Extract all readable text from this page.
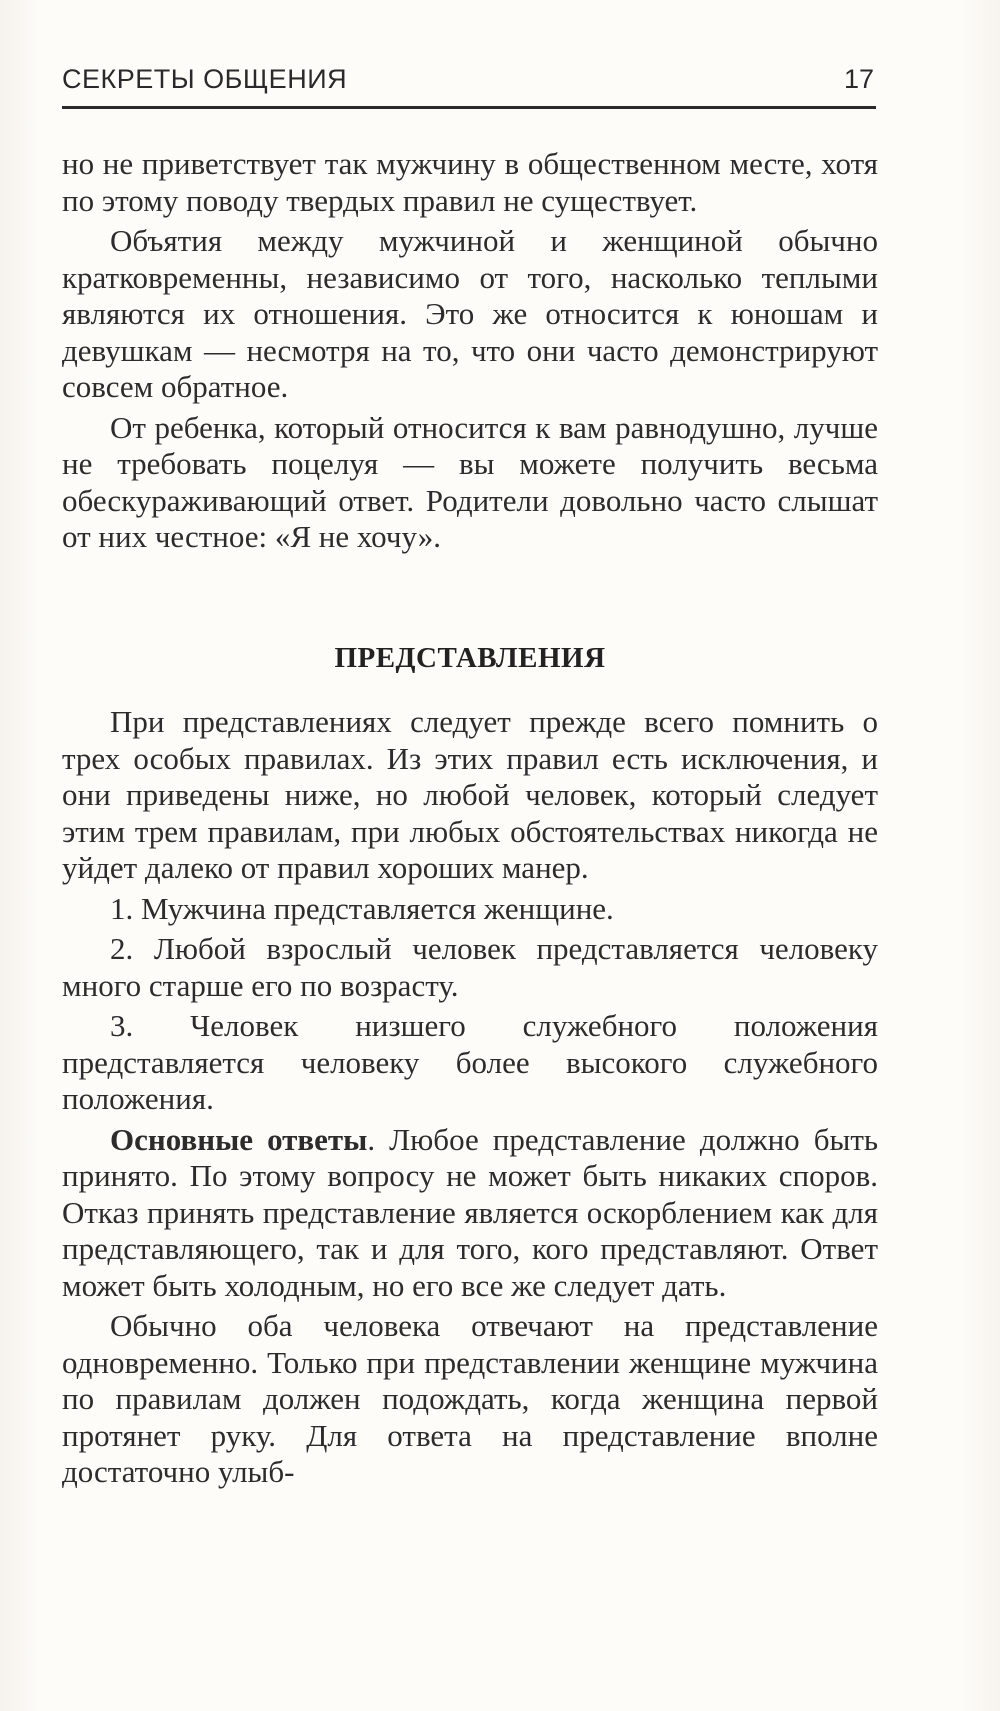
СЕКРЕТЫ ОБЩЕНИЯ	17

но не приветствует так мужчину в общественном месте, хотя по этому поводу твердых правил не существует.

Объятия между мужчиной и женщиной обычно кратковременны, независимо от того, насколько теплыми являются их отношения. Это же относится к юношам и девушкам — несмотря на то, что они часто демонстрируют совсем обратное.

От ребенка, который относится к вам равнодушно, лучше не требовать поцелуя — вы можете получить весьма обескураживающий ответ. Родители довольно часто слышат от них честное: «Я не хочу».

ПРЕДСТАВЛЕНИЯ

При представлениях следует прежде всего помнить о трех особых правилах. Из этих правил есть исключения, и они приведены ниже, но любой человек, который следует этим трем правилам, при любых обстоятельствах никогда не уйдет далеко от правил хороших манер.

1. Мужчина представляется женщине.

2. Любой взрослый человек представляется человеку много старше его по возрасту.

3. Человек низшего служебного положения представляется человеку более высокого служебного положения.

Основные ответы. Любое представление должно быть принято. По этому вопросу не может быть никаких споров. Отказ принять представление является оскорблением как для представляющего, так и для того, кого представляют. Ответ может быть холодным, но его все же следует дать.

Обычно оба человека отвечают на представление одновременно. Только при представлении женщине мужчина по правилам должен подождать, когда женщина первой протянет руку. Для ответа на представление вполне достаточно улыб-
